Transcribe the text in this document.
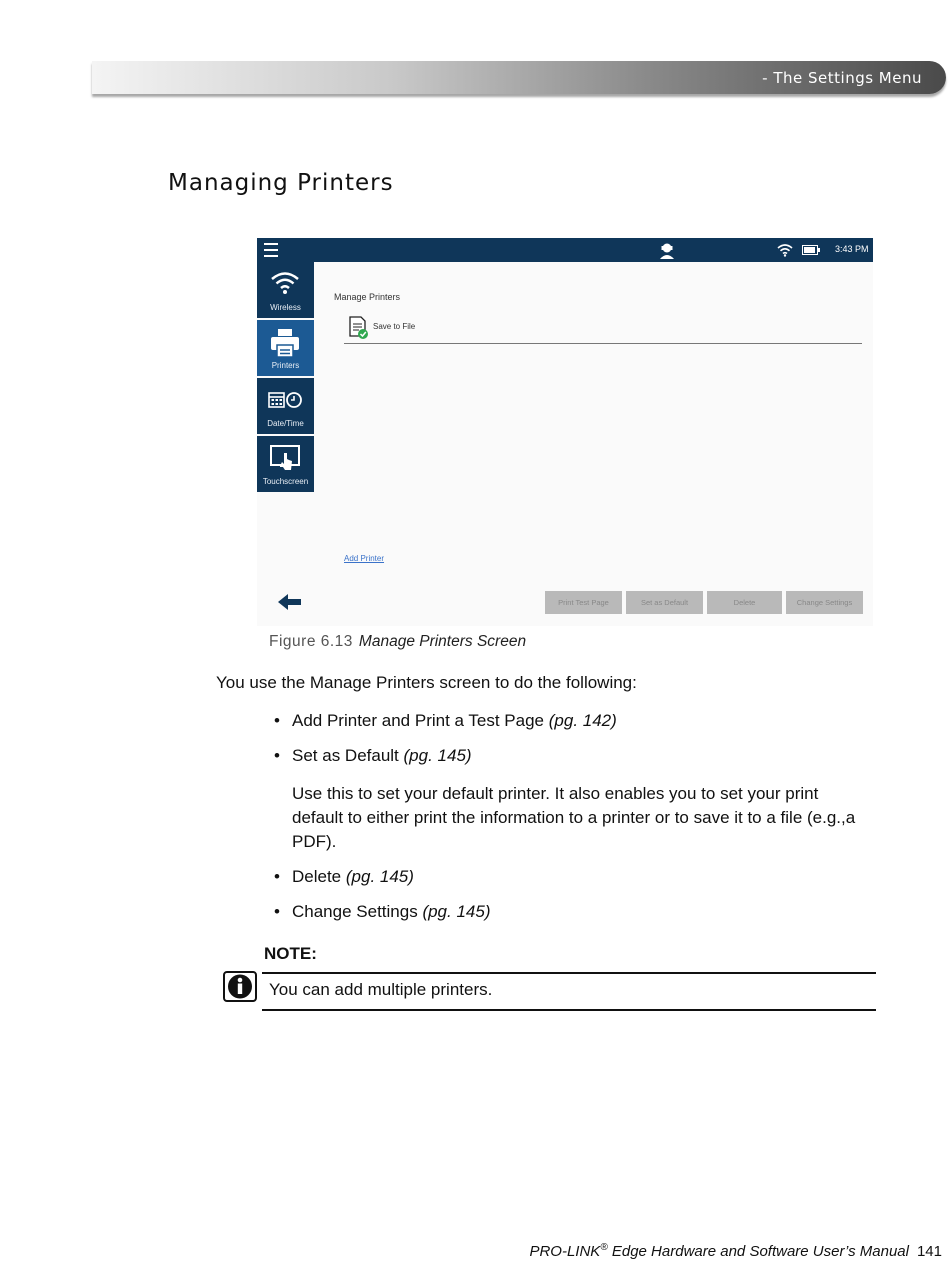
- The Settings Menu
Managing Printers
3:43 PM
Wireless
Printers
Date/Time
Touchscreen
Manage Printers
Save to File
Add Printer
Print Test Page	Set as Default	Delete	Change Settings
Figure 6.13 Manage Printers Screen
You use the Manage Printers screen to do the following:
• Add Printer and Print a Test Page (pg. 142)
• Set as Default (pg. 145)
Use this to set your default printer. It also enables you to set your print default to either print the information to a printer or to save it to a file (e.g.,a PDF).
• Delete (pg. 145)
• Change Settings (pg. 145)
NOTE:
You can add multiple printers.
PRO-LINK® Edge Hardware and Software User’s Manual 141
